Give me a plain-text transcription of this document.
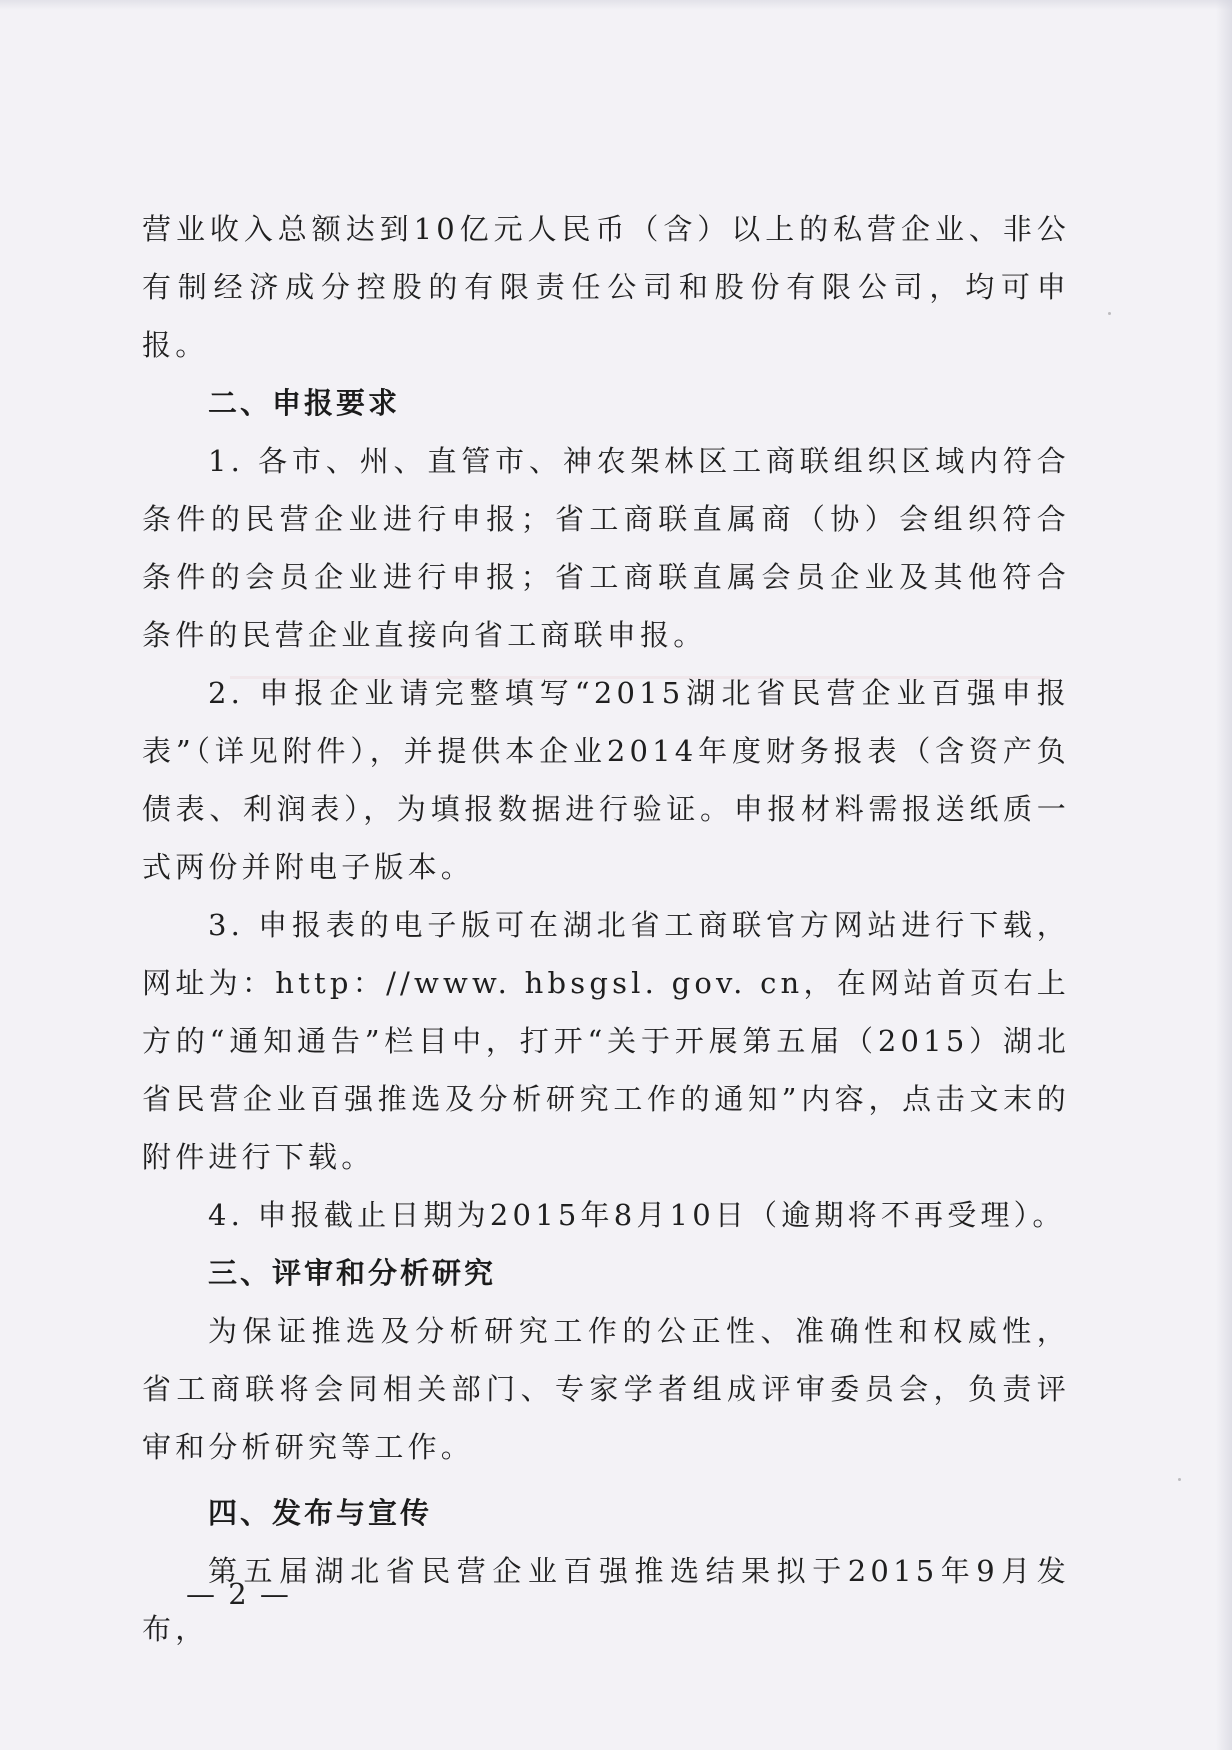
营业收入总额达到10亿元人民币（含）以上的私营企业、非公有制经济成分控股的有限责任公司和股份有限公司，均可申报。

二、申报要求

1. 各市、州、直管市、神农架林区工商联组织区域内符合条件的民营企业进行申报；省工商联直属商（协）会组织符合条件的会员企业进行申报；省工商联直属会员企业及其他符合条件的民营企业直接向省工商联申报。

2. 申报企业请完整填写“2015湖北省民营企业百强申报表”（详见附件），并提供本企业2014年度财务报表（含资产负债表、利润表），为填报数据进行验证。申报材料需报送纸质一式两份并附电子版本。

3. 申报表的电子版可在湖北省工商联官方网站进行下载，网址为：http：//www. hbsgsl. gov. cn，在网站首页右上方的“通知通告”栏目中，打开“关于开展第五届（2015）湖北省民营企业百强推选及分析研究工作的通知”内容，点击文末的附件进行下载。

4. 申报截止日期为2015年8月10日（逾期将不再受理）。

三、评审和分析研究

为保证推选及分析研究工作的公正性、准确性和权威性，省工商联将会同相关部门、专家学者组成评审委员会，负责评审和分析研究等工作。

四、发布与宣传

第五届湖北省民营企业百强推选结果拟于2015年9月发布，

— 2 —
